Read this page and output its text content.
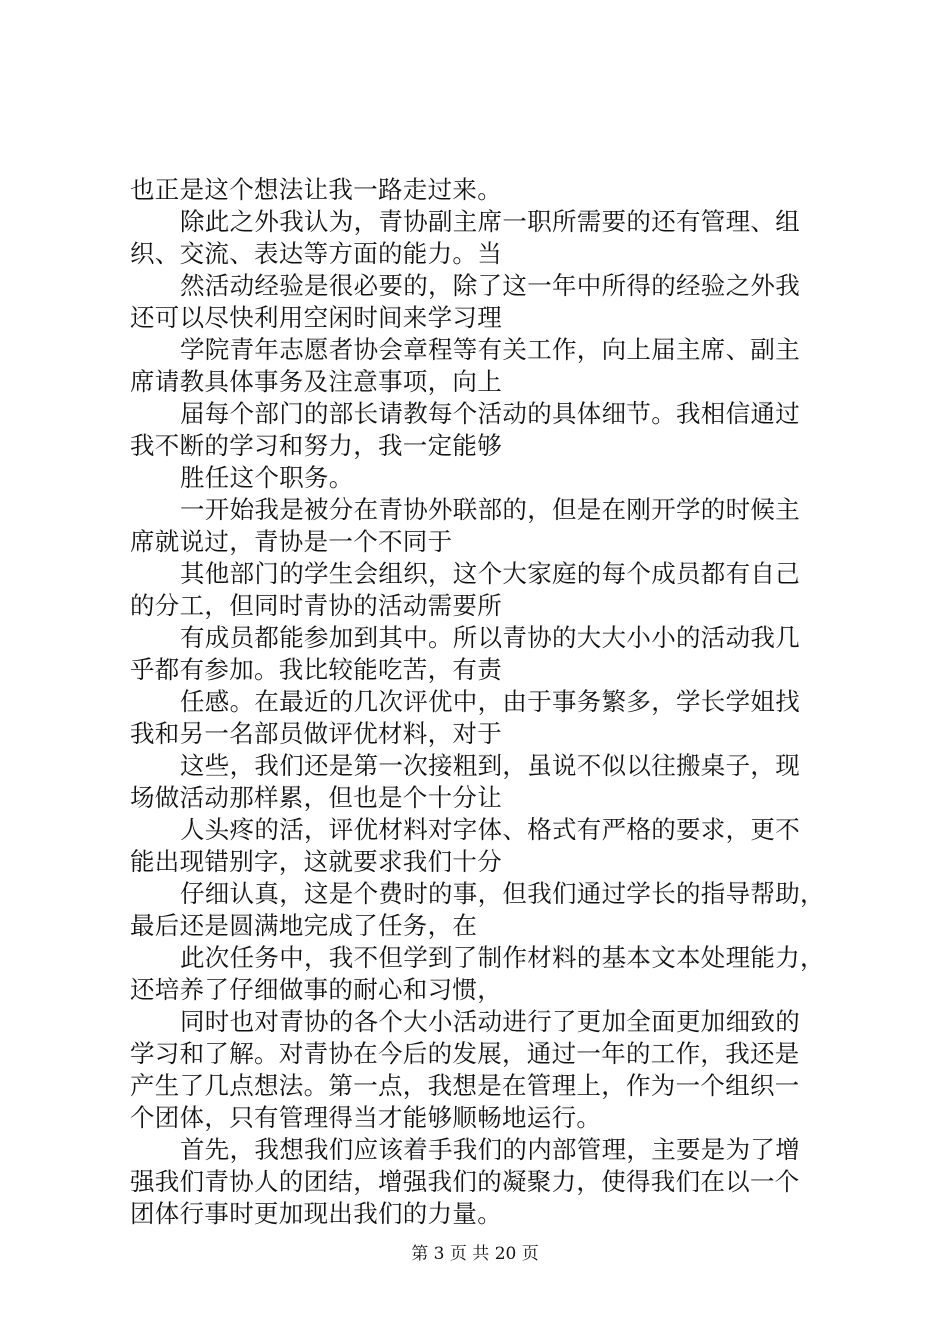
也正是这个想法让我一路走过来。
除此之外我认为，青协副主席一职所需要的还有管理、组
织、交流、表达等方面的能力。当
然活动经验是很必要的，除了这一年中所得的经验之外我
还可以尽快利用空闲时间来学习理
学院青年志愿者协会章程等有关工作，向上届主席、副主
席请教具体事务及注意事项，向上
届每个部门的部长请教每个活动的具体细节。我相信通过
我不断的学习和努力，我一定能够
胜任这个职务。
一开始我是被分在青协外联部的，但是在刚开学的时候主
席就说过，青协是一个不同于
其他部门的学生会组织，这个大家庭的每个成员都有自己
的分工，但同时青协的活动需要所
有成员都能参加到其中。所以青协的大大小小的活动我几
乎都有参加。我比较能吃苦，有责
任感。在最近的几次评优中，由于事务繁多，学长学姐找
我和另一名部员做评优材料，对于
这些，我们还是第一次接粗到，虽说不似以往搬桌子，现
场做活动那样累，但也是个十分让
人头疼的活，评优材料对字体、格式有严格的要求，更不
能出现错别字，这就要求我们十分
仔细认真，这是个费时的事，但我们通过学长的指导帮助，
最后还是圆满地完成了任务，在
此次任务中，我不但学到了制作材料的基本文本处理能力，
还培养了仔细做事的耐心和习惯，
同时也对青协的各个大小活动进行了更加全面更加细致的
学习和了解。对青协在今后的发展，通过一年的工作，我还是
产生了几点想法。第一点，我想是在管理上，作为一个组织一
个团体，只有管理得当才能够顺畅地运行。
首先，我想我们应该着手我们的内部管理，主要是为了增
强我们青协人的团结，增强我们的凝聚力，使得我们在以一个
团体行事时更加现出我们的力量。
第 3 页 共 20 页
